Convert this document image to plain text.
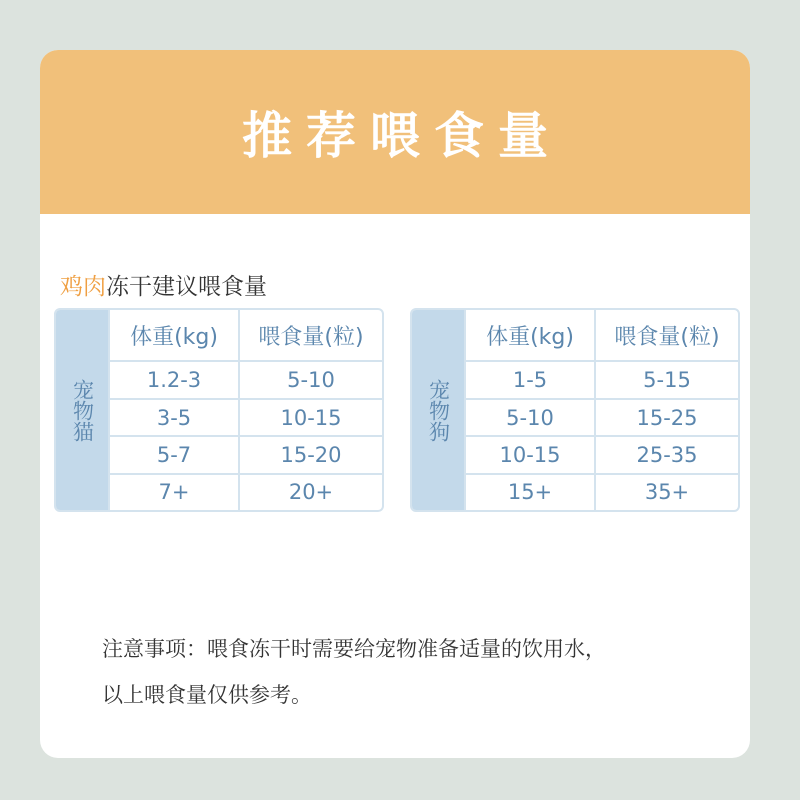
推荐喂食量
鸡肉冻干建议喂食量
宠物猫
体重(kg)	喂食量(粒)
1.2-3	5-10
3-5	10-15
5-7	15-20
7+	20+
宠物狗
体重(kg)	喂食量(粒)
1-5	5-15
5-10	15-25
10-15	25-35
15+	35+
注意事项：喂食冻干时需要给宠物准备适量的饮用水，
以上喂食量仅供参考。
